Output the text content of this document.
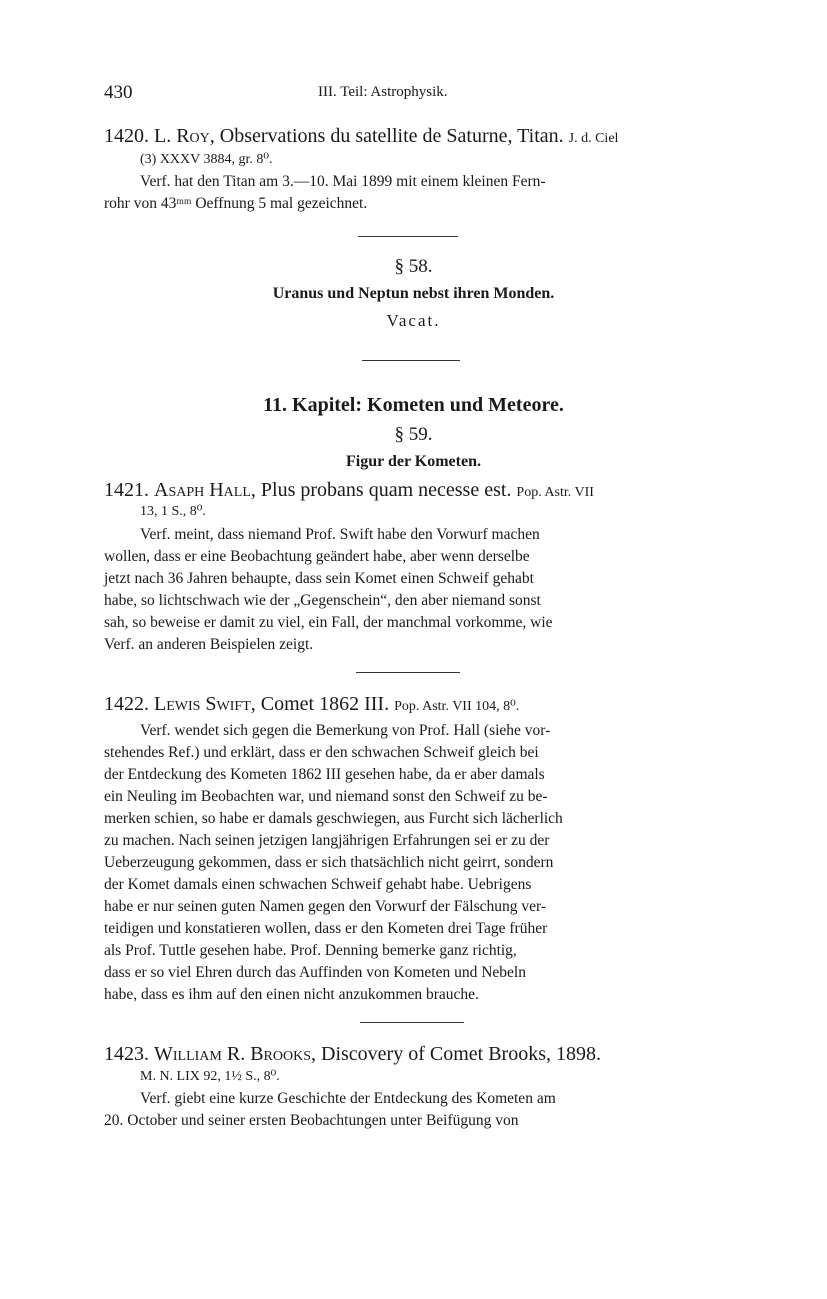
430	III. Teil: Astrophysik.
1420. L. Roy, Observations du satellite de Saturne, Titan. J. d. Ciel
(3) XXXV 3884, gr. 8⁰.
Verf. hat den Titan am 3.—10. Mai 1899 mit einem kleinen Fern-
rohr von 43ᵐᵐ Oeffnung 5 mal gezeichnet.
§ 58.
Uranus und Neptun nebst ihren Monden.
Vacat.
11. Kapitel: Kometen und Meteore.
§ 59.
Figur der Kometen.
1421. Asaph Hall, Plus probans quam necesse est. Pop. Astr. VII
13, 1 S., 8⁰.

Verf. meint, dass niemand Prof. Swift habe den Vorwurf machen

wollen, dass er eine Beobachtung geändert habe, aber wenn derselbe

jetzt nach 36 Jahren behaupte, dass sein Komet einen Schweif gehabt

habe, so lichtschwach wie der „Gegenschein“, den aber niemand sonst

sah, so beweise er damit zu viel, ein Fall, der manchmal vorkomme, wie

Verf. an anderen Beispielen zeigt.

1422. Lewis Swift, Comet 1862 III. Pop. Astr. VII 104, 8⁰.

Verf. wendet sich gegen die Bemerkung von Prof. Hall (siehe vor-

stehendes Ref.) und erklärt, dass er den schwachen Schweif gleich bei

der Entdeckung des Kometen 1862 III gesehen habe, da er aber damals

ein Neuling im Beobachten war, und niemand sonst den Schweif zu be-

merken schien, so habe er damals geschwiegen, aus Furcht sich lächerlich

zu machen. Nach seinen jetzigen langjährigen Erfahrungen sei er zu der

Ueberzeugung gekommen, dass er sich thatsächlich nicht geirrt, sondern

der Komet damals einen schwachen Schweif gehabt habe. Uebrigens

habe er nur seinen guten Namen gegen den Vorwurf der Fälschung ver-

teidigen und konstatieren wollen, dass er den Kometen drei Tage früher

als Prof. Tuttle gesehen habe. Prof. Denning bemerke ganz richtig,

dass er so viel Ehren durch das Auffinden von Kometen und Nebeln

habe, dass es ihm auf den einen nicht anzukommen brauche.

1423. William R. Brooks, Discovery of Comet Brooks, 1898.
M. N. LIX 92, 1½ S., 8⁰.

Verf. giebt eine kurze Geschichte der Entdeckung des Kometen am

20. October und seiner ersten Beobachtungen unter Beifügung von
